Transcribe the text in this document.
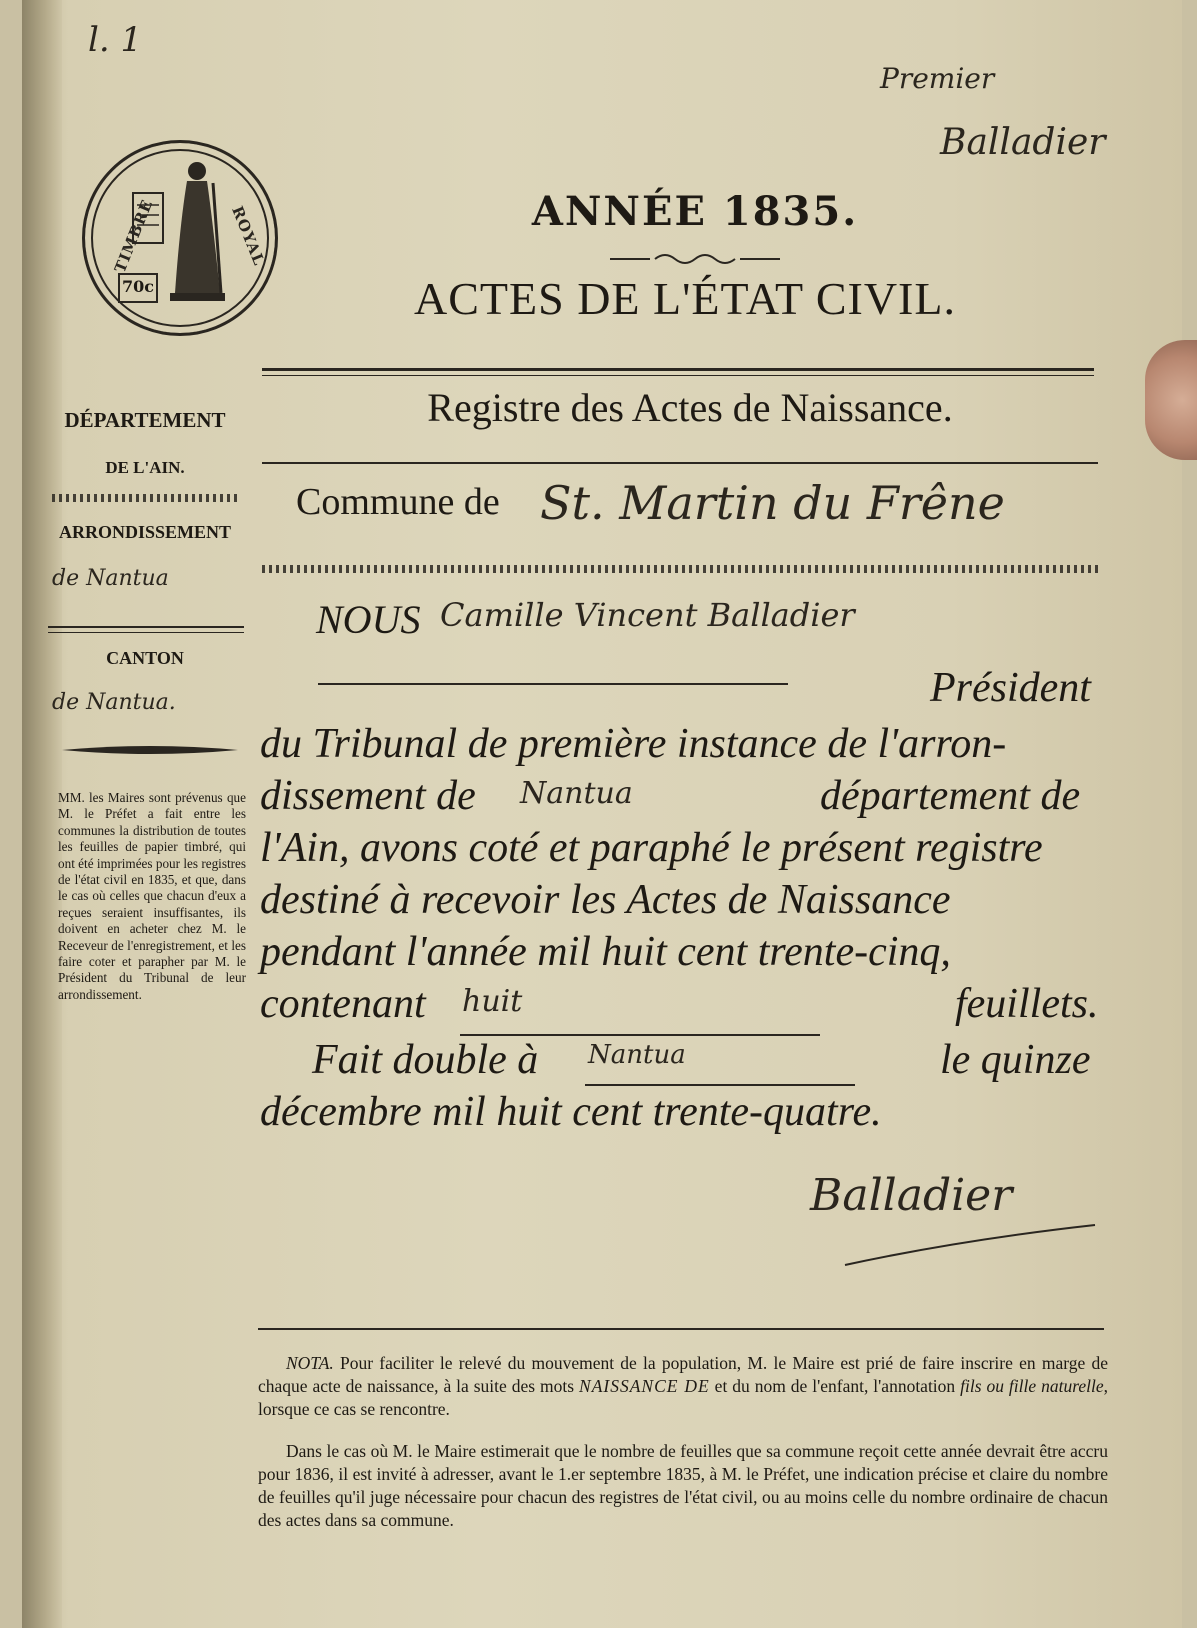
l. 1
Premier
Balladier
TIMBRE	ROYAL
70c
ANNÉE 1835.
ACTES DE L'ÉTAT CIVIL.
Registre des Actes de Naissance.
DÉPARTEMENT
DE L'AIN.
ARRONDISSEMENT
de Nantua
CANTON
de Nantua.
MM. les Maires sont prévenus que M. le Préfet a fait entre les communes la distribution de toutes les feuilles de papier timbré, qui ont été imprimées pour les registres de l'état civil en 1835, et que, dans le cas où celles que chacun d'eux a reçues seraient insuffisantes, ils doivent en acheter chez M. le Receveur de l'enregistrement, et les faire coter et parapher par M. le Président du Tribunal de leur arrondissement.
Commune de St. Martin du Frêne
NOUS Camille Vincent Balladier
Président
du Tribunal de première instance de l'arron-
dissement de Nantua	département de
l'Ain, avons coté et paraphé le présent registre
destiné à recevoir les Actes de Naissance
pendant l'année mil huit cent trente-cinq,
contenant huit	feuillets.
Fait double à Nantua	le quinze
décembre mil huit cent trente-quatre.
Balladier
NOTA. Pour faciliter le relevé du mouvement de la population, M. le Maire est prié de faire inscrire en marge de chaque acte de naissance, à la suite des mots NAISSANCE DE et du nom de l'enfant, l'annotation fils ou fille naturelle, lorsque ce cas se rencontre.
Dans le cas où M. le Maire estimerait que le nombre de feuilles que sa commune reçoit cette année devrait être accru pour 1836, il est invité à adresser, avant le 1.er septembre 1835, à M. le Préfet, une indication précise et claire du nombre de feuilles qu'il juge nécessaire pour chacun des registres de l'état civil, ou au moins celle du nombre ordinaire de chacun des actes dans sa commune.
